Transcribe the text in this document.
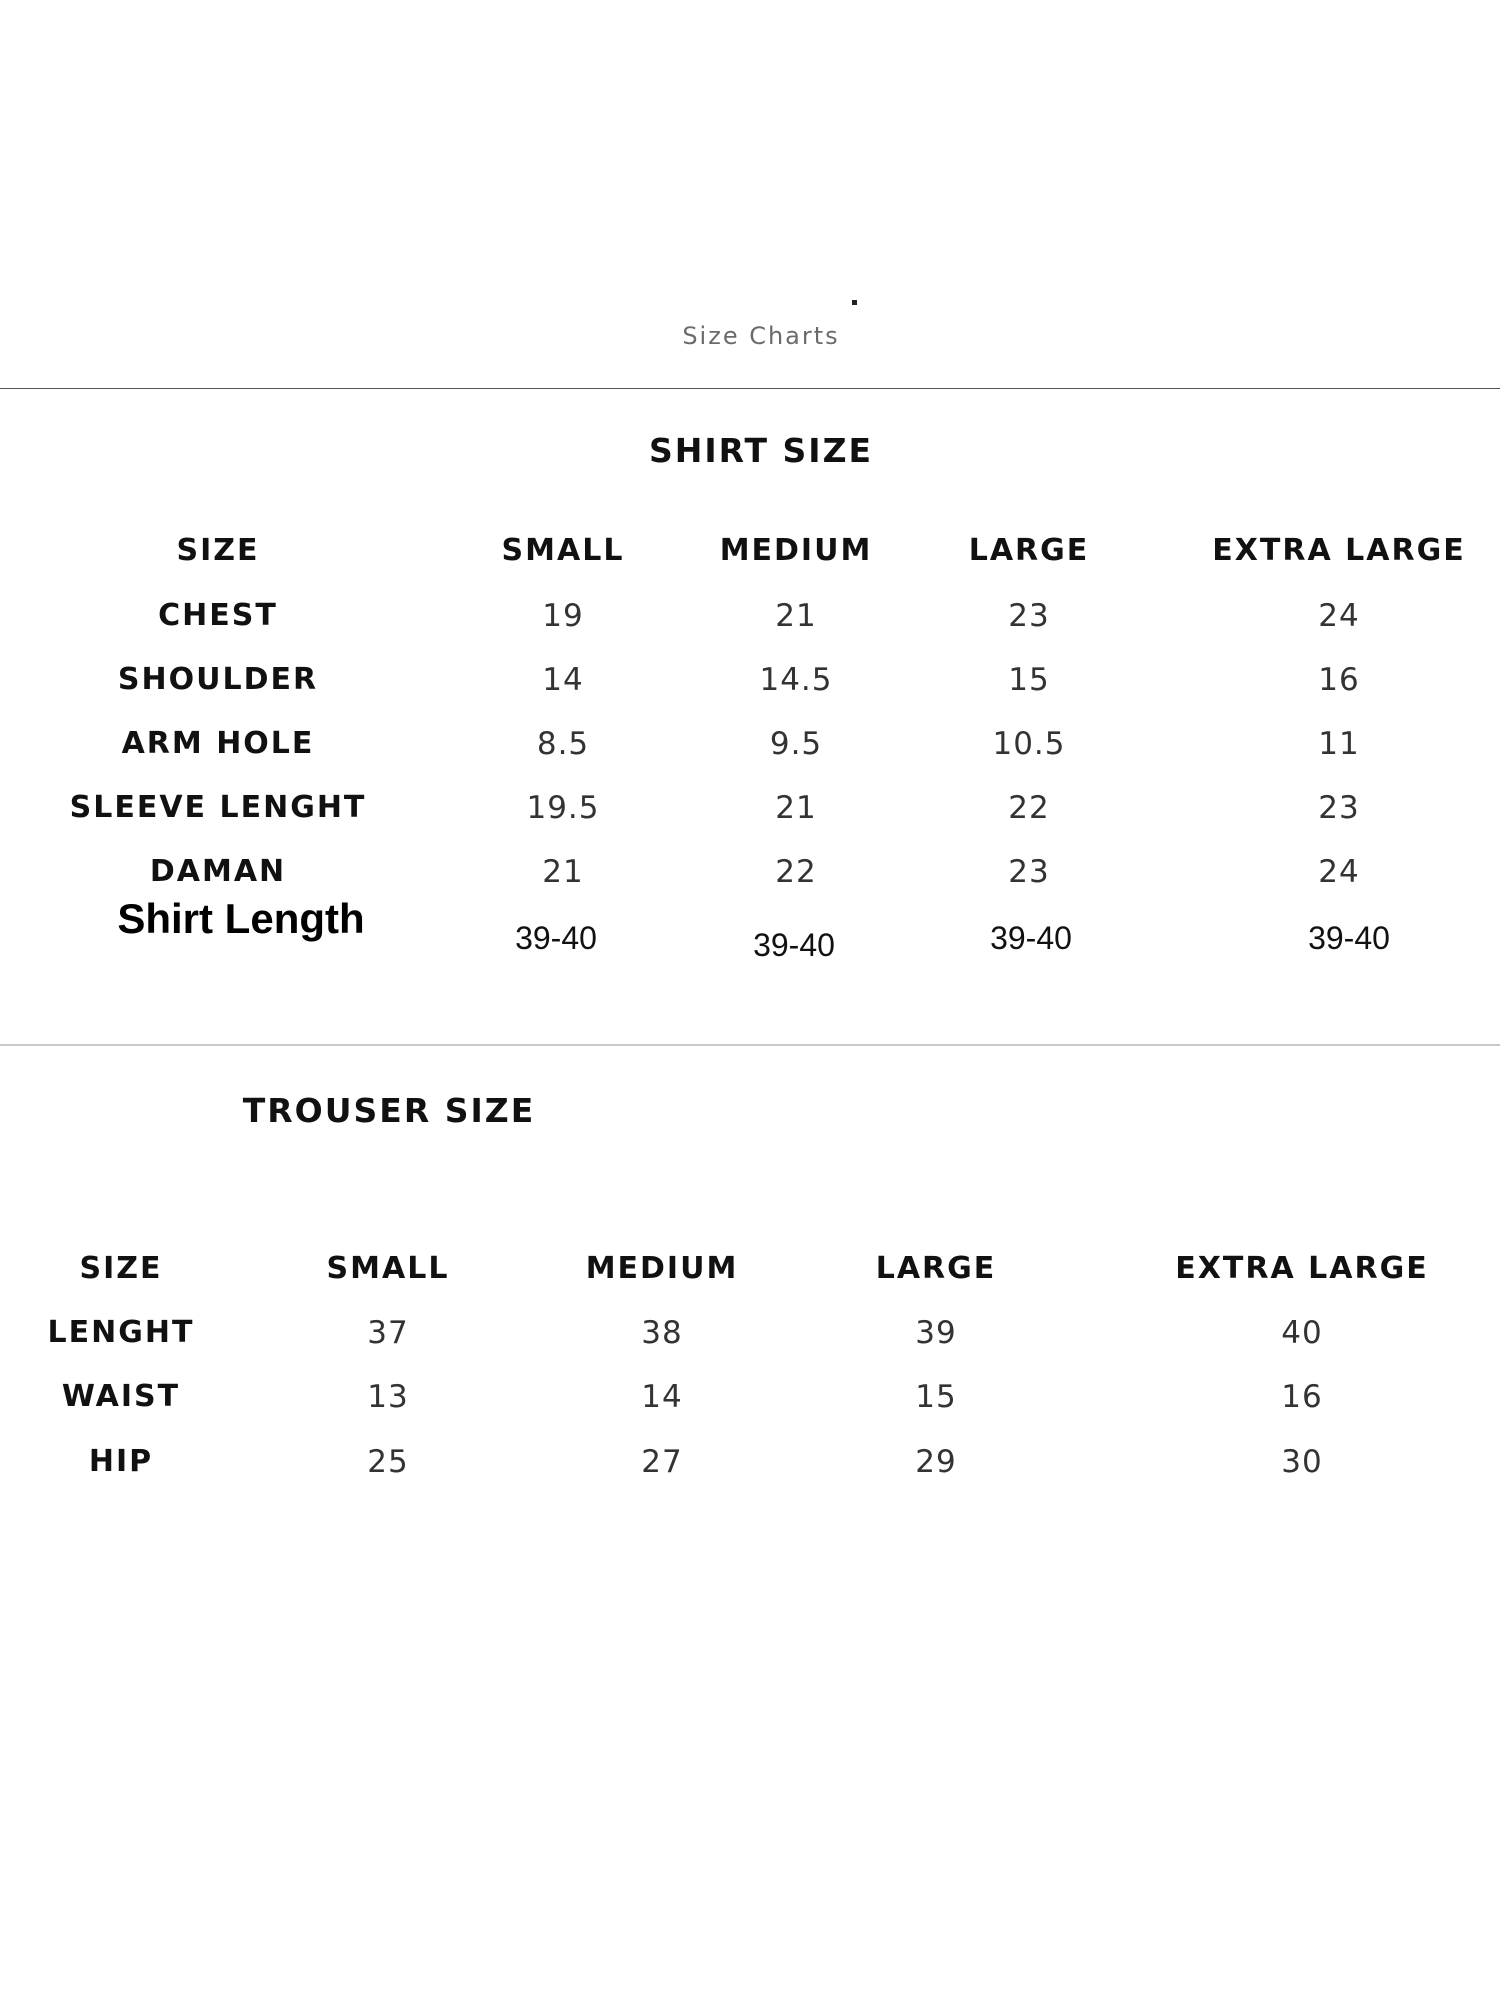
Size Charts
SHIRT SIZE
SIZE	SMALL	MEDIUM	LARGE	EXTRA LARGE
CHEST	19	21	23	24
SHOULDER	14	14.5	15	16
ARM HOLE	8.5	9.5	10.5	11
SLEEVE LENGHT	19.5	21	22	23
DAMAN	21	22	23	24
Shirt Length	39-40	39-40	39-40	39-40
TROUSER SIZE
SIZE	SMALL	MEDIUM	LARGE	EXTRA LARGE
LENGHT	37	38	39	40
WAIST	13	14	15	16
HIP	25	27	29	30
